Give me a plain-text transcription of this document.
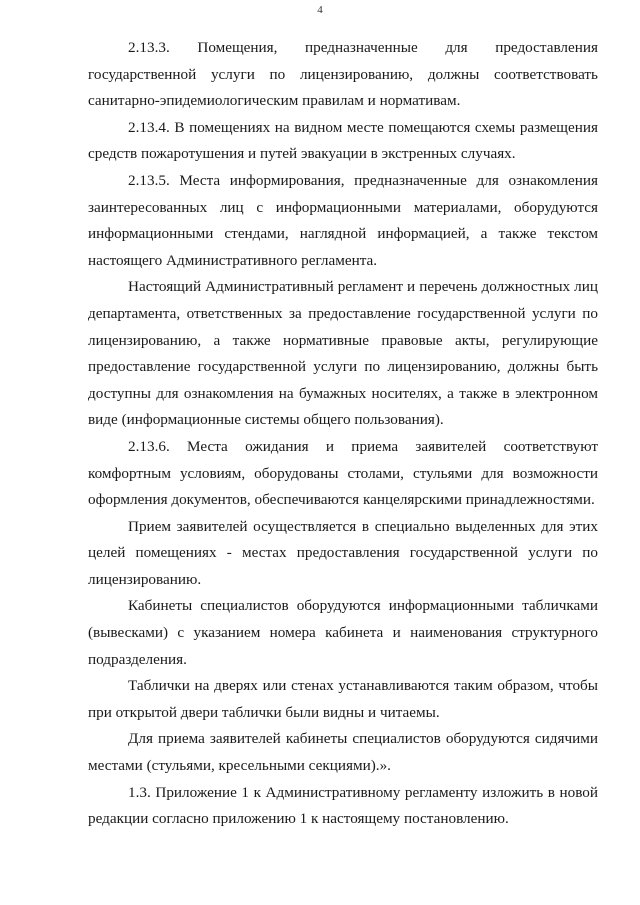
4

2.13.3. Помещения, предназначенные для предоставления государственной услуги по лицензированию, должны соответствовать санитарно-эпидемиологическим правилам и нормативам.

2.13.4. В помещениях на видном месте помещаются схемы размещения средств пожаротушения и путей эвакуации в экстренных случаях.

2.13.5. Места информирования, предназначенные для ознакомления заинтересованных лиц с информационными материалами, оборудуются информационными стендами, наглядной информацией, а также текстом настоящего Административного регламента.

Настоящий Административный регламент и перечень должностных лиц департамента, ответственных за предоставление государственной услуги по лицензированию, а также нормативные правовые акты, регулирующие предоставление государственной услуги по лицензированию, должны быть доступны для ознакомления на бумажных носителях, а также в электронном виде (информационные системы общего пользования).

2.13.6. Места ожидания и приема заявителей соответствуют комфортным условиям, оборудованы столами, стульями для возможности оформления документов, обеспечиваются канцелярскими принадлежностями.

Прием заявителей осуществляется в специально выделенных для этих целей помещениях - местах предоставления государственной услуги по лицензированию.

Кабинеты специалистов оборудуются информационными табличками (вывесками) с указанием номера кабинета и наименования структурного подразделения.

Таблички на дверях или стенах устанавливаются таким образом, чтобы при открытой двери таблички были видны и читаемы.

Для приема заявителей кабинеты специалистов оборудуются сидячими местами (стульями, кресельными секциями).».

1.3. Приложение 1 к Административному регламенту изложить в новой редакции согласно приложению 1 к настоящему постановлению.
